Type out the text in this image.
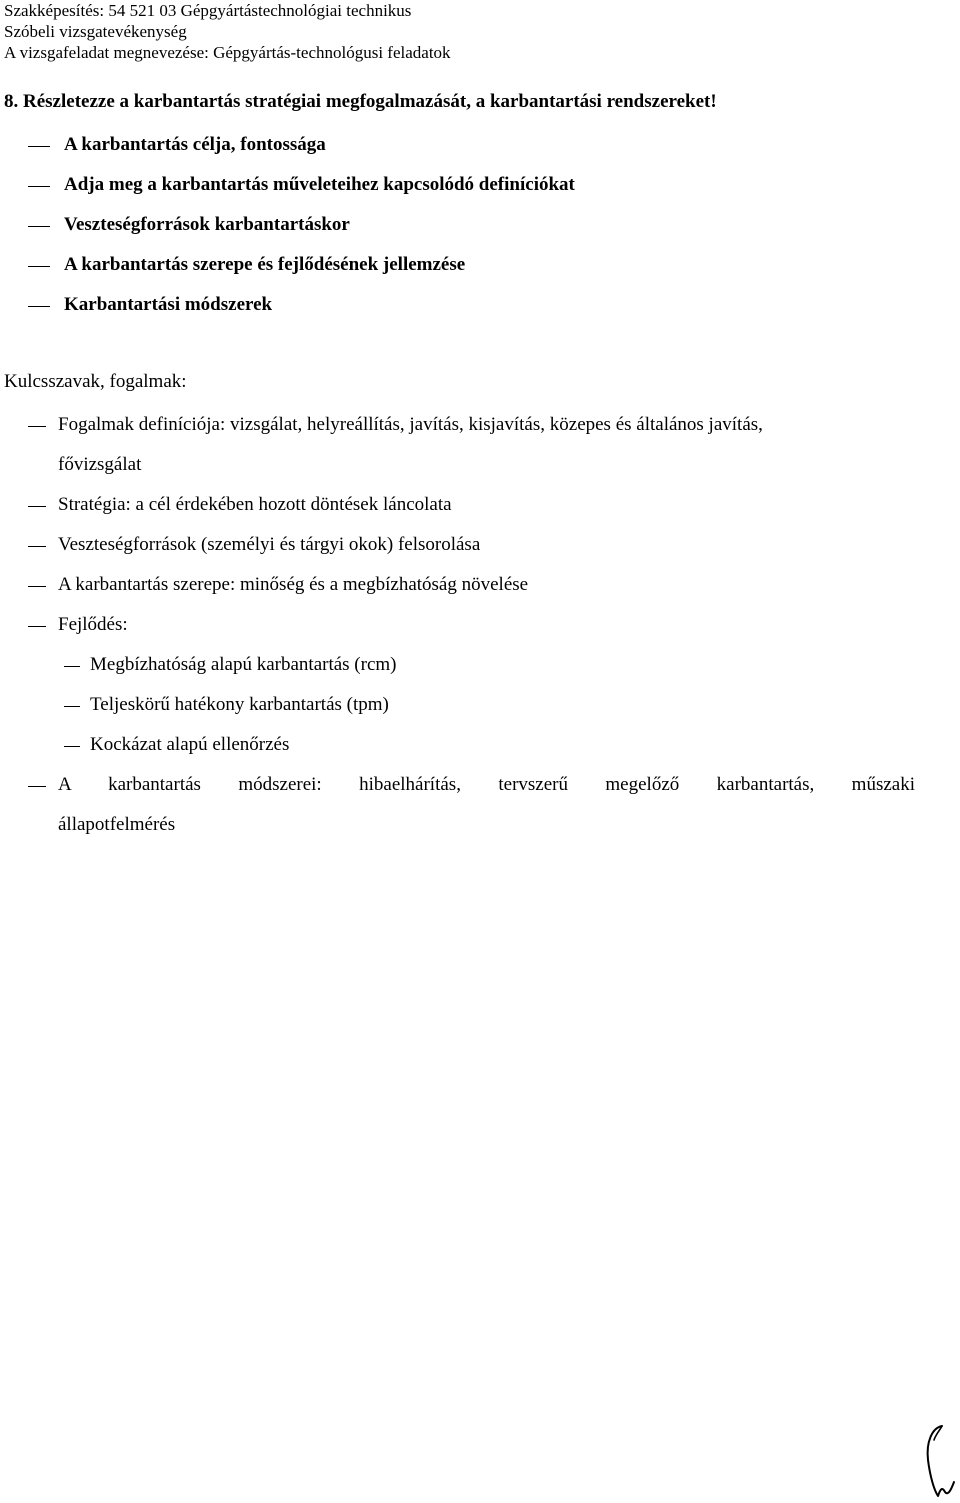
Szakképesítés: 54 521 03 Gépgyártástechnológiai technikus
Szóbeli vizsgatevékenység
A vizsgafeladat megnevezése: Gépgyártás-technológusi feladatok
8. Részletezze a karbantartás stratégiai megfogalmazását, a karbantartási rendszereket!
A karbantartás célja, fontossága
Adja meg a karbantartás műveleteihez kapcsolódó definíciókat
Veszteségforrások karbantartáskor
A karbantartás szerepe és fejlődésének jellemzése
Karbantartási módszerek
Kulcsszavak, fogalmak:
Fogalmak definíciója: vizsgálat, helyreállítás, javítás, kisjavítás, közepes és általános javítás,
fővizsgálat
Stratégia: a cél érdekében hozott döntések láncolata
Veszteségforrások (személyi és tárgyi okok) felsorolása
A karbantartás szerepe: minőség és a megbízhatóság növelése
Fejlődés:
Megbízhatóság alapú karbantartás (rcm)
Teljeskörű hatékony karbantartás (tpm)
Kockázat alapú ellenőrzés
A karbantartás módszerei: hibaelhárítás, tervszerű megelőző karbantartás, műszaki
állapotfelmérés
